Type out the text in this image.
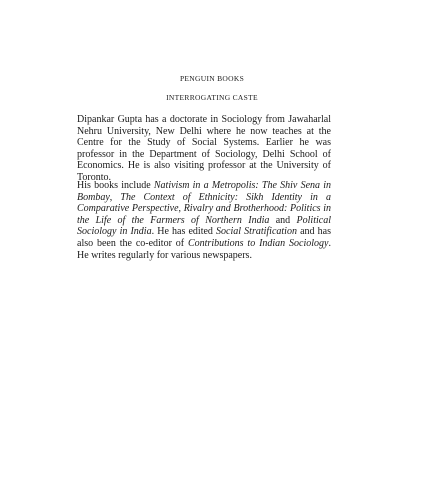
PENGUIN BOOKS
INTERROGATING CASTE

Dipankar Gupta has a doctorate in Sociology from Jawaharlal Nehru University, New Delhi where he now teaches at the Centre for the Study of Social Systems. Earlier he was professor in the Department of Sociology, Delhi School of Economics. He is also visiting professor at the University of Toronto.

His books include Nativism in a Metropolis: The Shiv Sena in Bombay, The Context of Ethnicity: Sikh Identity in a Comparative Perspective, Rivalry and Brotherhood: Politics in the Life of the Farmers of Northern India and Political Sociology in India. He has edited Social Stratification and has also been the co-editor of Contributions to Indian Sociology. He writes regularly for various newspapers.
